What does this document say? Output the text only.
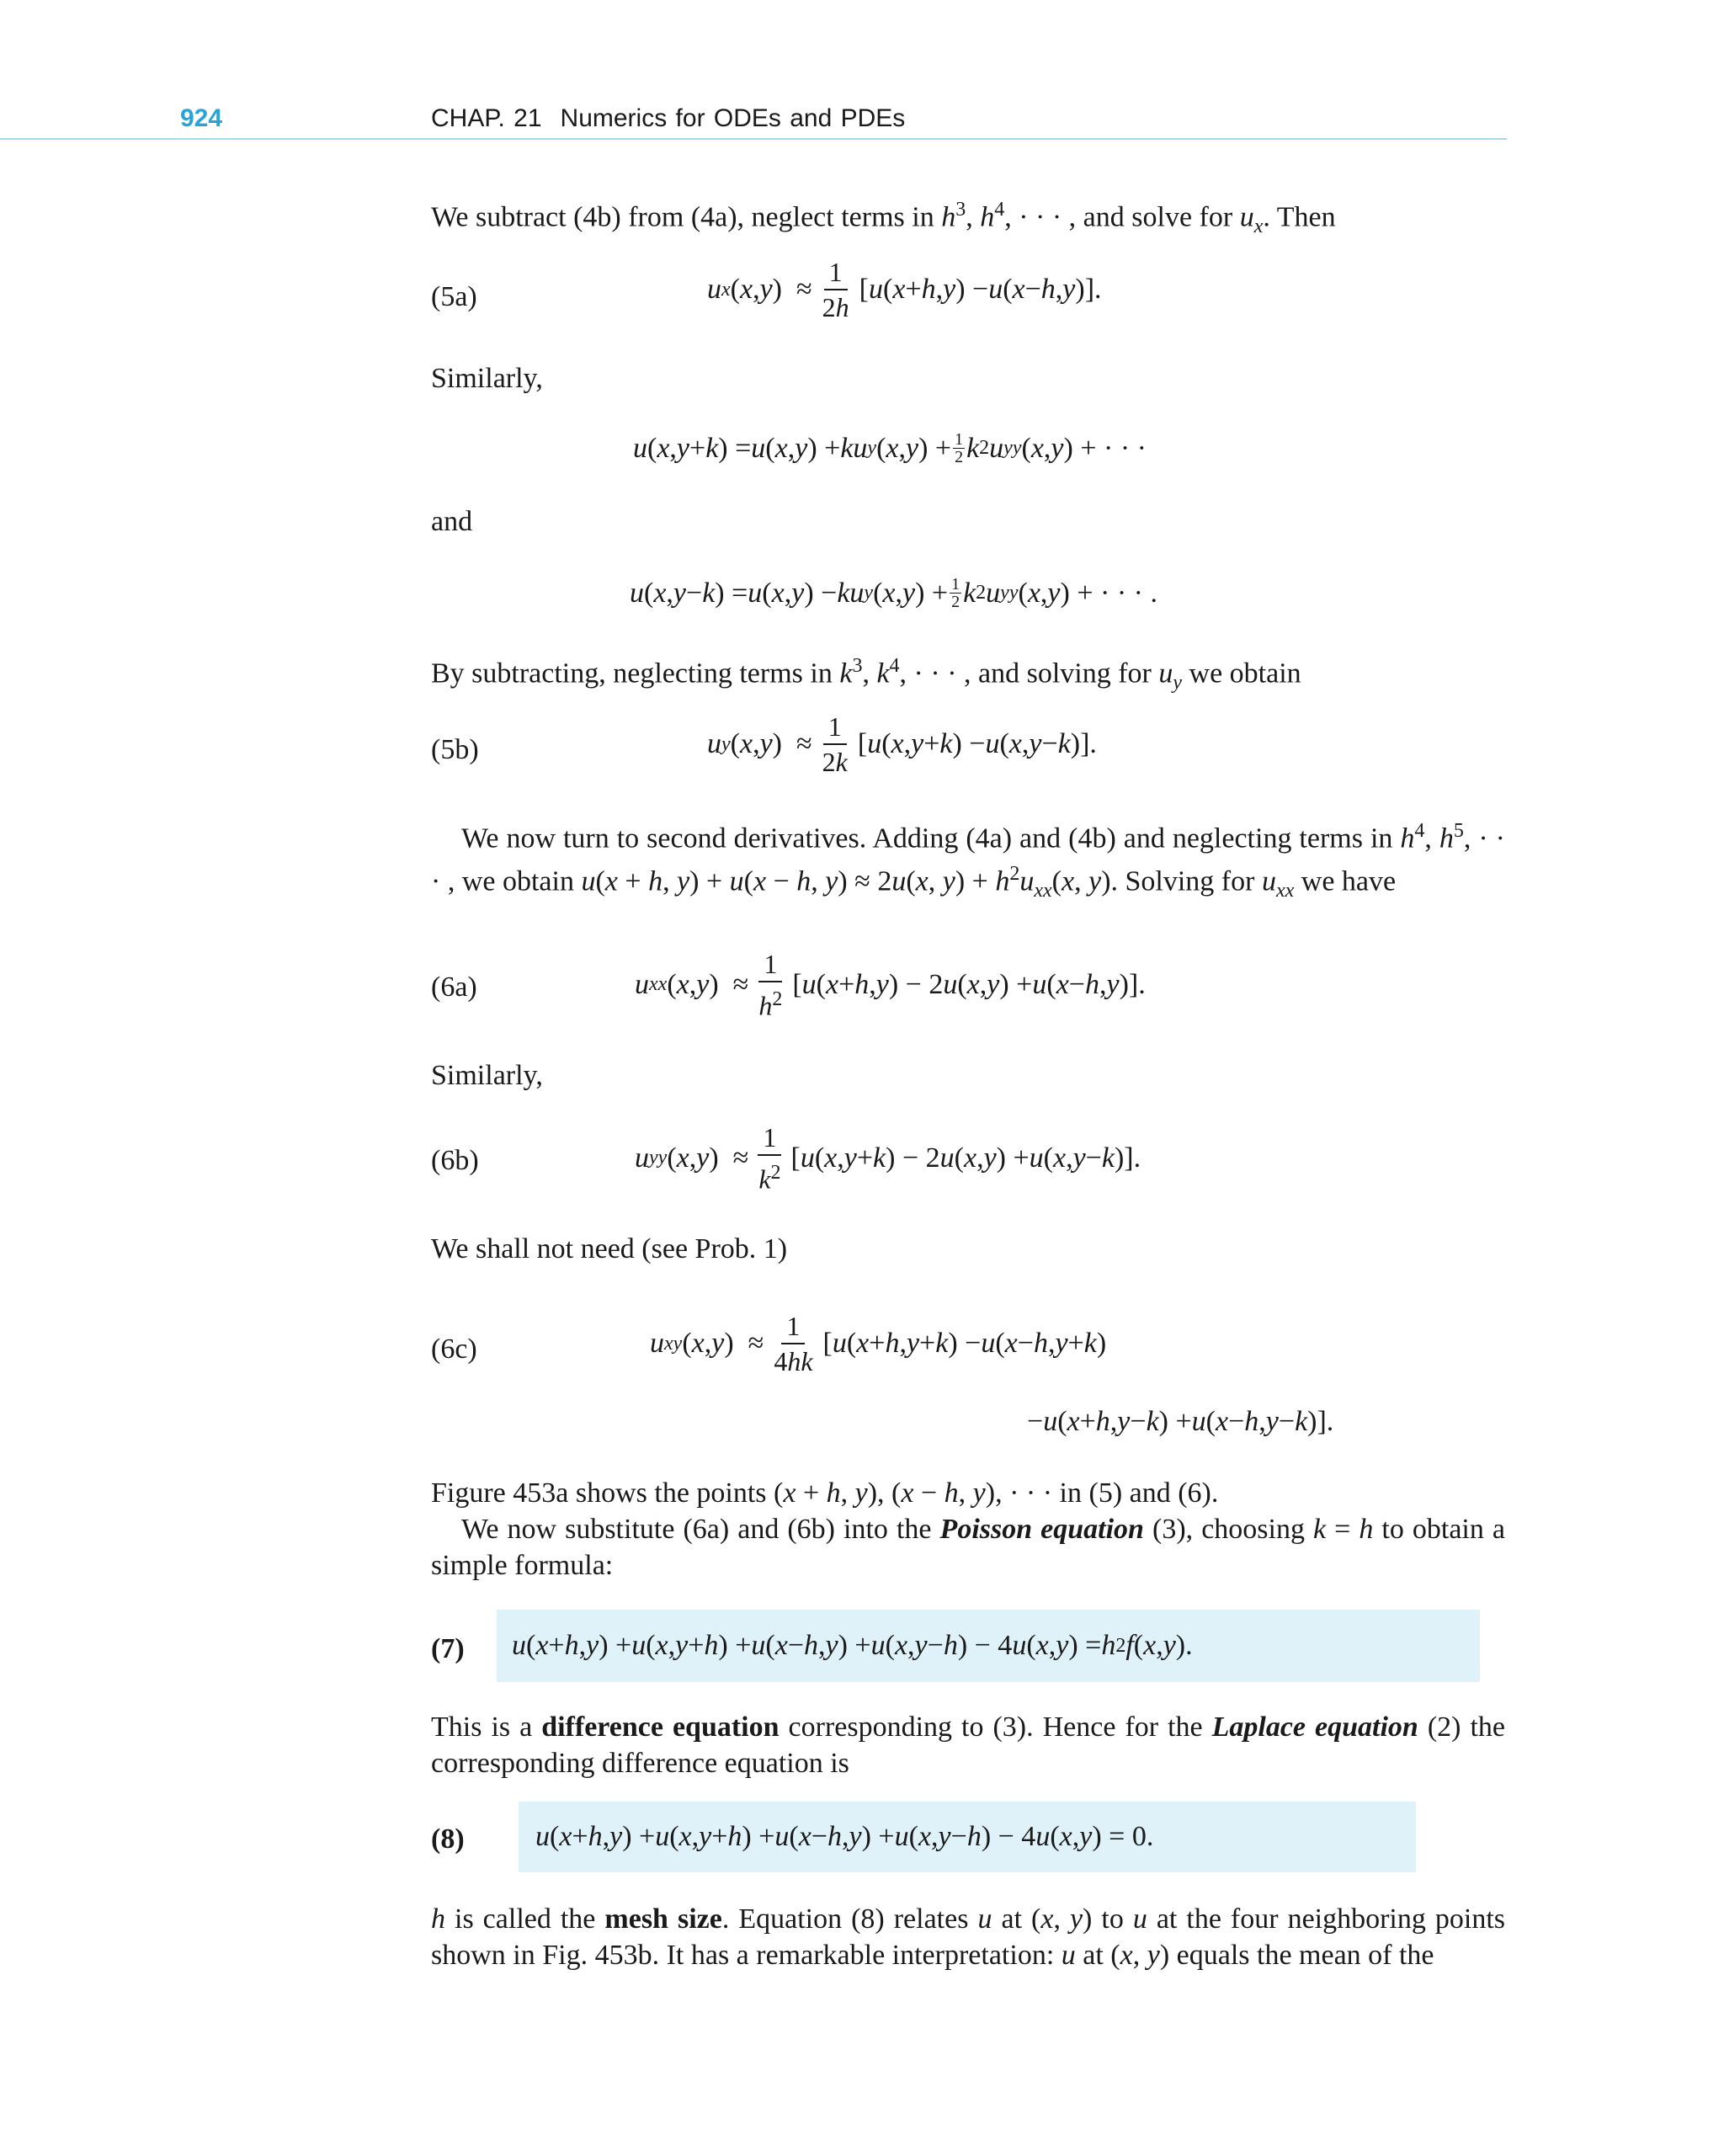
924	CHAP. 21 Numerics for ODEs and PDEs

We subtract (4b) from (4a), neglect terms in $h^3$, $h^4$, · · · , and solve for $u_x$. Then

(5a)	u x ( x , y )  ≈ $\frac{1}{2h}$ [ u ( x + h , y ) − u ( x − h , y )].

Similarly,

u ( x , y + k ) = u ( x , y ) + ku y ( x , y ) + $\frac{1}{2}$ k 2 u yy ( x , y ) + · · ·

and

u ( x , y − k ) = u ( x , y ) − ku y ( x , y ) + $\frac{1}{2}$ k 2 u yy ( x , y ) + · · · .

By subtracting, neglecting terms in $k^3$, $k^4$, · · · , and solving for $u_y$ we obtain

(5b)	u y ( x , y )  ≈ $\frac{1}{2k}$ [ u ( x , y + k ) − u ( x , y − k )].

We now turn to second derivatives. Adding (4a) and (4b) and neglecting terms in $h^4$, $h^5$, · · · , we obtain u(x + h, y) + u(x − h, y) ≈ 2u(x, $y) + h^2u_{xx}(x$, y). Solving for $u_{xx}$ we have

(6a)	u xx ( x , y )  ≈ $\frac{1}{h^2}$ [ u ( x + h , y ) − 2 u ( x , y ) + u ( x − h , y )].

Similarly,

(6b)	u yy ( x , y )  ≈ $\frac{1}{k^2}$ [ u ( x , y + k ) − 2 u ( x , y ) + u ( x , y − k )].

We shall not need (see Prob. 1)

(6c)	u xy ( x , y )  ≈ $\frac{1}{4hk}$ [ u ( x + h , y + k ) − u ( x − h , y + k )
− u ( x + h , y − k ) + u ( x − h , y − k )].

Figure 453a shows the points (x + h, y), (x − h, y), · · · in (5) and (6).

We now substitute (6a) and (6b) into the Poisson equation (3), choosing k = h to obtain a simple formula:

(7) u ( x + h , y ) + u ( x , y + h ) + u ( x − h , y ) + u ( x , y − h ) − 4 u ( x , y ) = h 2 f ( x , y ).

This is a difference equation corresponding to (3). Hence for the Laplace equation (2) the corresponding difference equation is

(8) u ( x + h , y ) + u ( x , y + h ) + u ( x − h , y ) + u ( x , y − h ) − 4 u ( x , y ) = 0.

h is called the mesh size. Equation (8) relates u at (x, y) to u at the four neighboring points shown in Fig. 453b. It has a remarkable interpretation: u at (x, y) equals the mean of the
